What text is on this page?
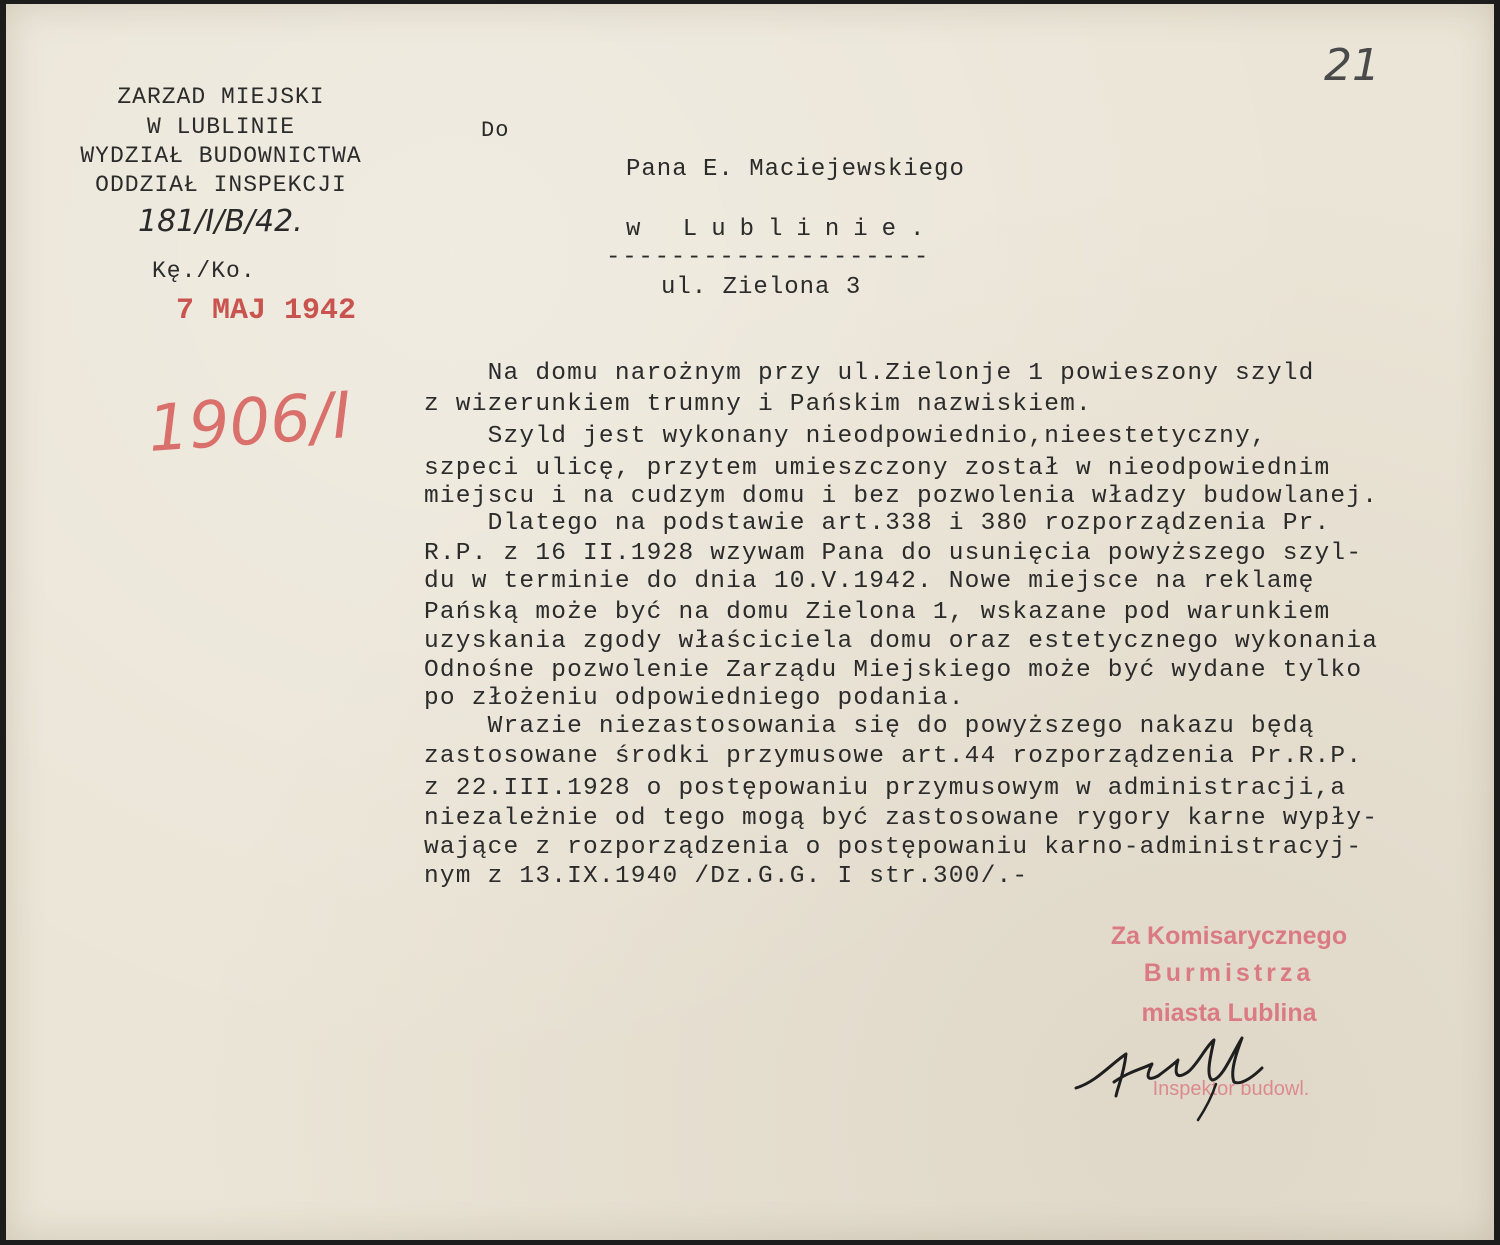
21
ZARZAD MIEJSKI
W LUBLINIE
WYDZIAŁ BUDOWNICTWA
ODDZIAŁ INSPEKCJI
181/I/B/42.
Kę./Ko.
7 MAJ 1942
1906/I
Do
Pana E. Maciejewskiego
w Lublinie.
--------------------
ul. Zielona 3
Na domu narożnym przy ul.Zielonje 1 powieszony szyld
z wizerunkiem trumny i Pańskim nazwiskiem.
Szyld jest wykonany nieodpowiednio,nieestetyczny,
szpeci ulicę, przytem umieszczony został w nieodpowiednim
miejscu i na cudzym domu i bez pozwolenia władzy budowlanej.
Dlatego na podstawie art.338 i 380 rozporządzenia Pr.
R.P. z 16 II.1928 wzywam Pana do usunięcia powyższego szyl-
du w terminie do dnia 10.V.1942. Nowe miejsce na reklamę
Pańską może być na domu Zielona 1, wskazane pod warunkiem
uzyskania zgody właściciela domu oraz estetycznego wykonania
Odnośne pozwolenie Zarządu Miejskiego może być wydane tylko
po złożeniu odpowiedniego podania.
Wrazie niezastosowania się do powyższego nakazu będą
zastosowane środki przymusowe art.44 rozporządzenia Pr.R.P.
z 22.III.1928 o postępowaniu przymusowym w administracji,a
niezależnie od tego mogą być zastosowane rygory karne wypły-
wające z rozporządzenia o postępowaniu karno-administracyj-
nym z 13.IX.1940 /Dz.G.G. I str.300/.-
Za Komisarycznego
Burmistrza
miasta Lublina
Inspektor budowl.
